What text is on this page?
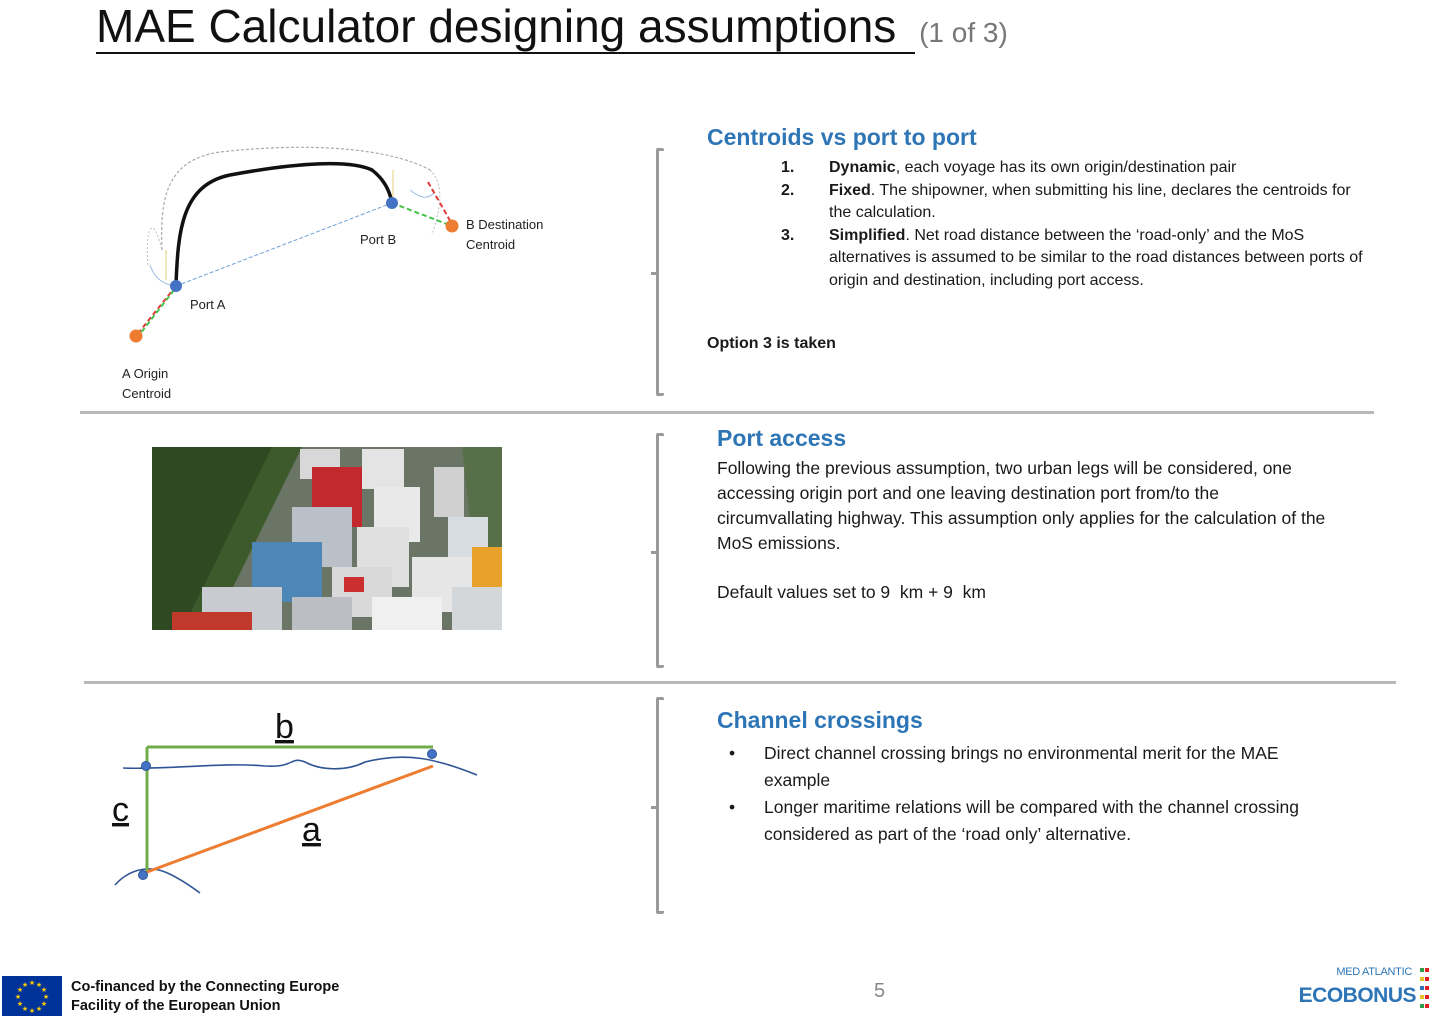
MAE Calculator designing assumptions (1 of 3)
Port B
B Destination
Centroid
Port A
A Origin
Centroid
Centroids vs port to port
1. Dynamic, each voyage has its own origin/destination pair
2. Fixed. The shipowner, when submitting his line, declares the centroids for the calculation.
3. Simplified. Net road distance between the ‘road-only’ and the MoS alternatives is assumed to be similar to the road distances between ports of origin and destination, including port access.
Option 3 is taken
Port access
Following the previous assumption, two urban legs will be considered, one accessing origin port and one leaving destination port from/to the circumvallating highway. This assumption only applies for the calculation of the MoS emissions.
Default values set to 9  km + 9  km
b
c
a
Channel crossings
• Direct channel crossing brings no environmental merit for the MAE example
• Longer maritime relations will be compared with the channel crossing considered as part of the ‘road only’ alternative.
★ ★
★
★
★
★
★
★
★
★
★
★	Co-financed by the Connecting Europe
Facility of the European Union
5
MED ATLANTIC
ECOBONUS
